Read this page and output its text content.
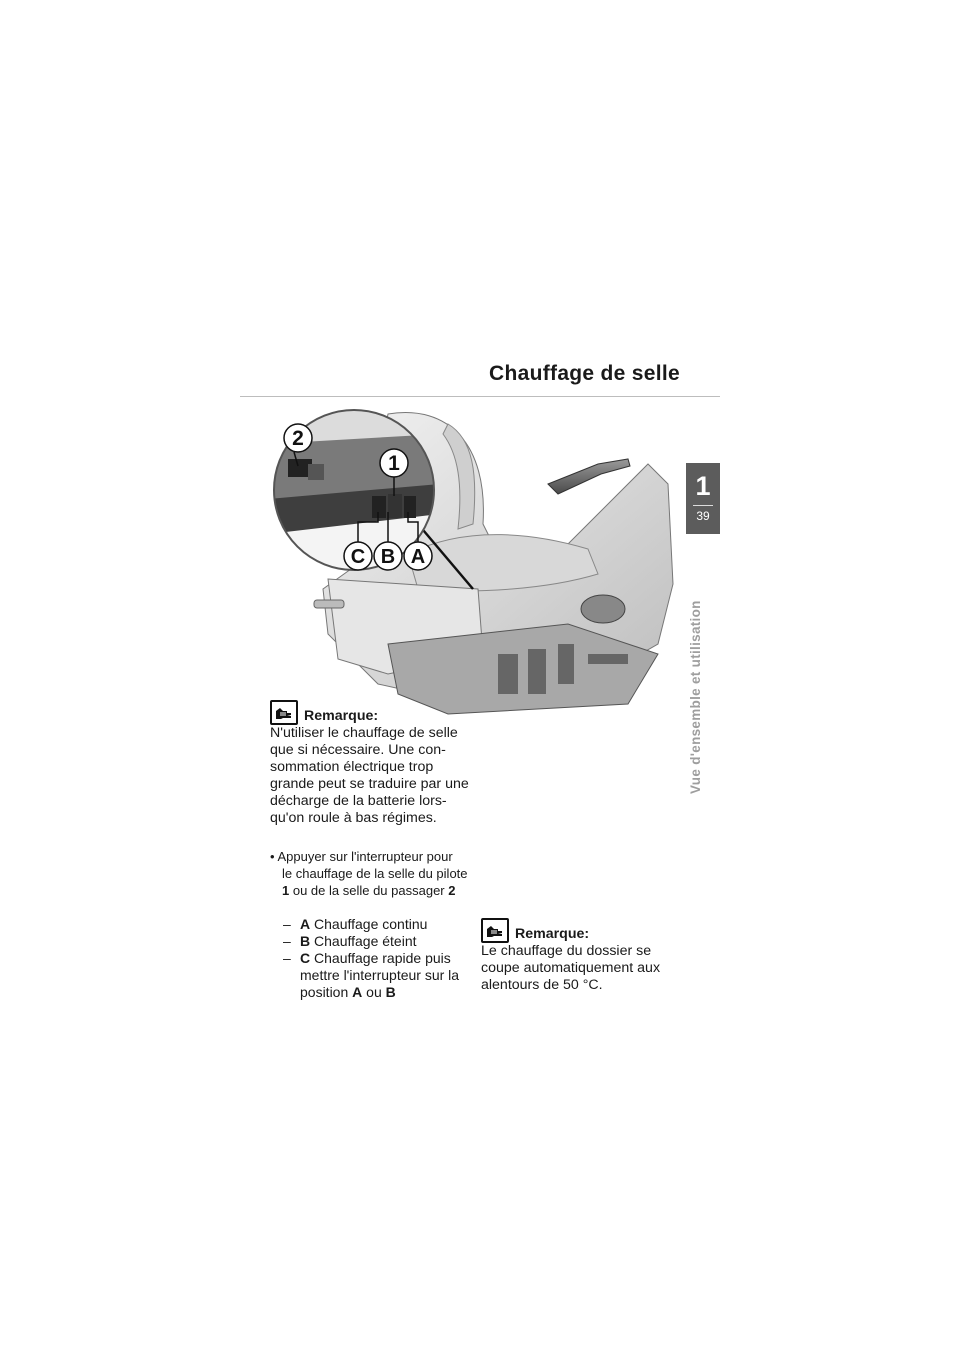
Chauffage de selle
1
39
Vue d'ensemble et utilisation
2
1
C B A
Remarque:
N'utiliser le chauffage de selle
que si nécessaire. Une con-
sommation électrique trop
grande peut se traduire par une
décharge de la batterie lors-
qu'on roule à bas régimes.
• Appuyer sur l'interrupteur pour
le chauffage de la selle du pilote
1 ou de la selle du passager 2
– A Chauffage continu
– B Chauffage éteint
– C Chauffage rapide puis mettre l'interrupteur sur la position A ou B
Remarque:
Le chauffage du dossier se
coupe automatiquement aux
alentours de 50 °C.
